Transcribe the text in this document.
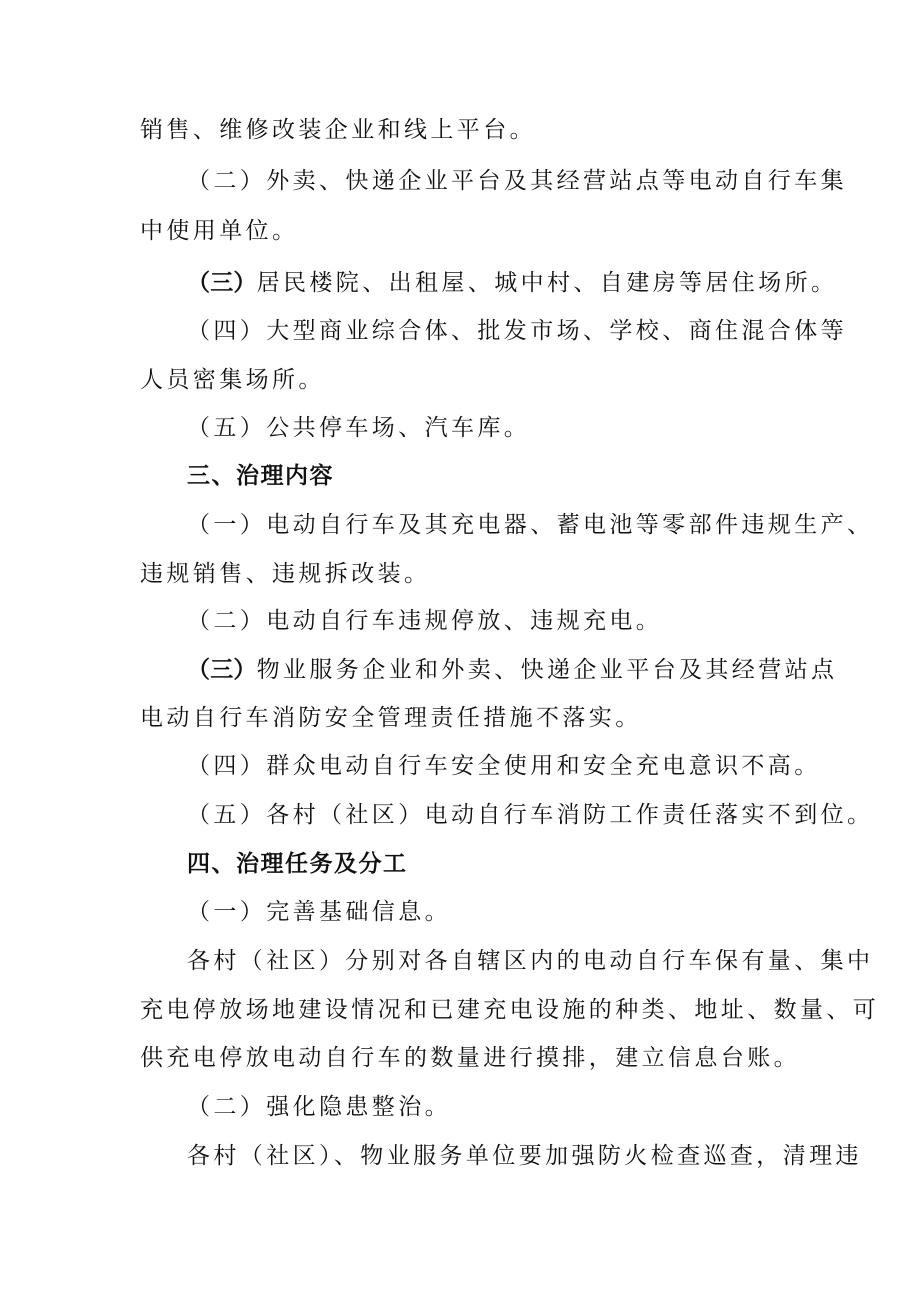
销售、维修改装企业和线上平台。

（二）外卖、快递企业平台及其经营站点等电动自行车集

中使用单位。

（三）居民楼院、出租屋、城中村、自建房等居住场所。

（四）大型商业综合体、批发市场、学校、商住混合体等

人员密集场所。

（五）公共停车场、汽车库。

三、治理内容

（一）电动自行车及其充电器、蓄电池等零部件违规生产、

违规销售、违规拆改装。

（二）电动自行车违规停放、违规充电。

（三）物业服务企业和外卖、快递企业平台及其经营站点

电动自行车消防安全管理责任措施不落实。

（四）群众电动自行车安全使用和安全充电意识不高。

（五）各村（社区）电动自行车消防工作责任落实不到位。

四、治理任务及分工

（一）完善基础信息。

各村（社区）分别对各自辖区内的电动自行车保有量、集中

充电停放场地建设情况和已建充电设施的种类、地址、数量、可

供充电停放电动自行车的数量进行摸排，建立信息台账。

（二）强化隐患整治。

各村（社区）、物业服务单位要加强防火检查巡查，清理违
